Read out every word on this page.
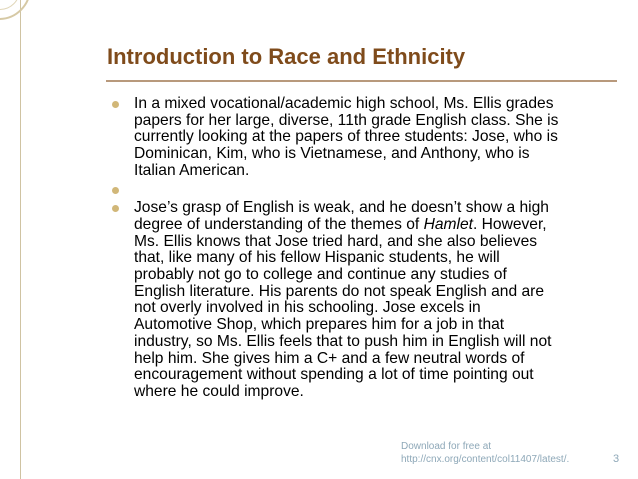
Introduction to Race and Ethnicity
In a mixed vocational/academic high school, Ms. Ellis grades
papers for her large, diverse, 11th grade English class. She is
currently looking at the papers of three students: Jose, who is
Dominican, Kim, who is Vietnamese, and Anthony, who is
Italian American.
Jose’s grasp of English is weak, and he doesn’t show a high
degree of understanding of the themes of Hamlet. However,
Ms. Ellis knows that Jose tried hard, and she also believes
that, like many of his fellow Hispanic students, he will
probably not go to college and continue any studies of
English literature. His parents do not speak English and are
not overly involved in his schooling. Jose excels in
Automotive Shop, which prepares him for a job in that
industry, so Ms. Ellis feels that to push him in English will not
help him. She gives him a C+ and a few neutral words of
encouragement without spending a lot of time pointing out
where he could improve.
Download for free at
http://cnx.org/content/col11407/latest/.	3
